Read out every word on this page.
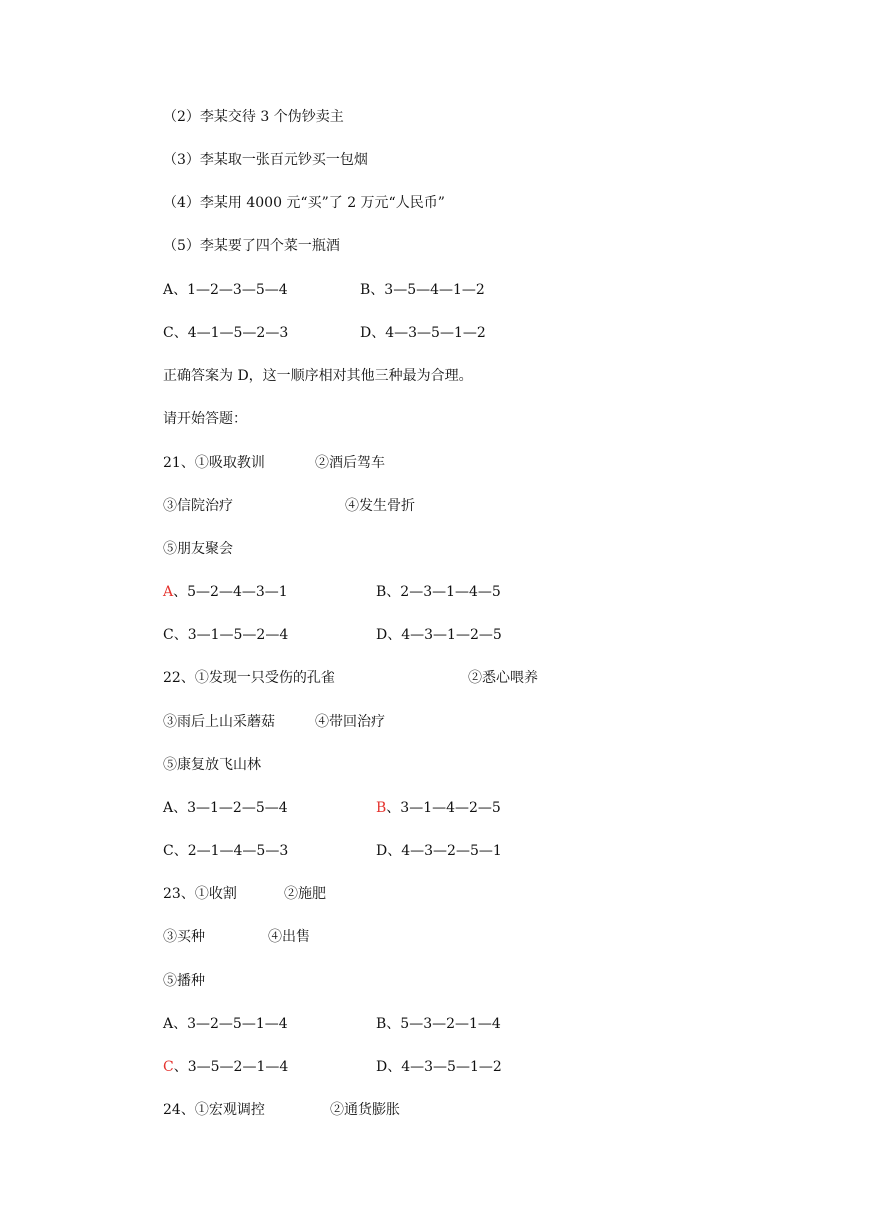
（2）李某交待 3 个伪钞卖主
（3）李某取一张百元钞买一包烟
（4）李某用 4000 元“买”了 2 万元“人民币”
（5）李某要了四个菜一瓶酒
A、1—2—3—5—4	B、3—5—4—1—2
C、4—1—5—2—3	D、4—3—5—1—2
正确答案为 D，这一顺序相对其他三种最为合理。
请开始答题：
21、①吸取教训	②酒后驾车
③信院治疗	④发生骨折
⑤朋友聚会
A、5—2—4—3—1	B、2—3—1—4—5
C、3—1—5—2—4	D、4—3—1—2—5
22、①发现一只受伤的孔雀	②悉心喂养
③雨后上山采蘑菇	④带回治疗
⑤康复放飞山林
A、3—1—2—5—4	B、3—1—4—2—5
C、2—1—4—5—3	D、4—3—2—5—1
23、①收割	②施肥
③买种	④出售
⑤播种
A、3—2—5—1—4	B、5—3—2—1—4
C、3—5—2—1—4	D、4—3—5—1—2
24、①宏观调控	②通货膨胀
